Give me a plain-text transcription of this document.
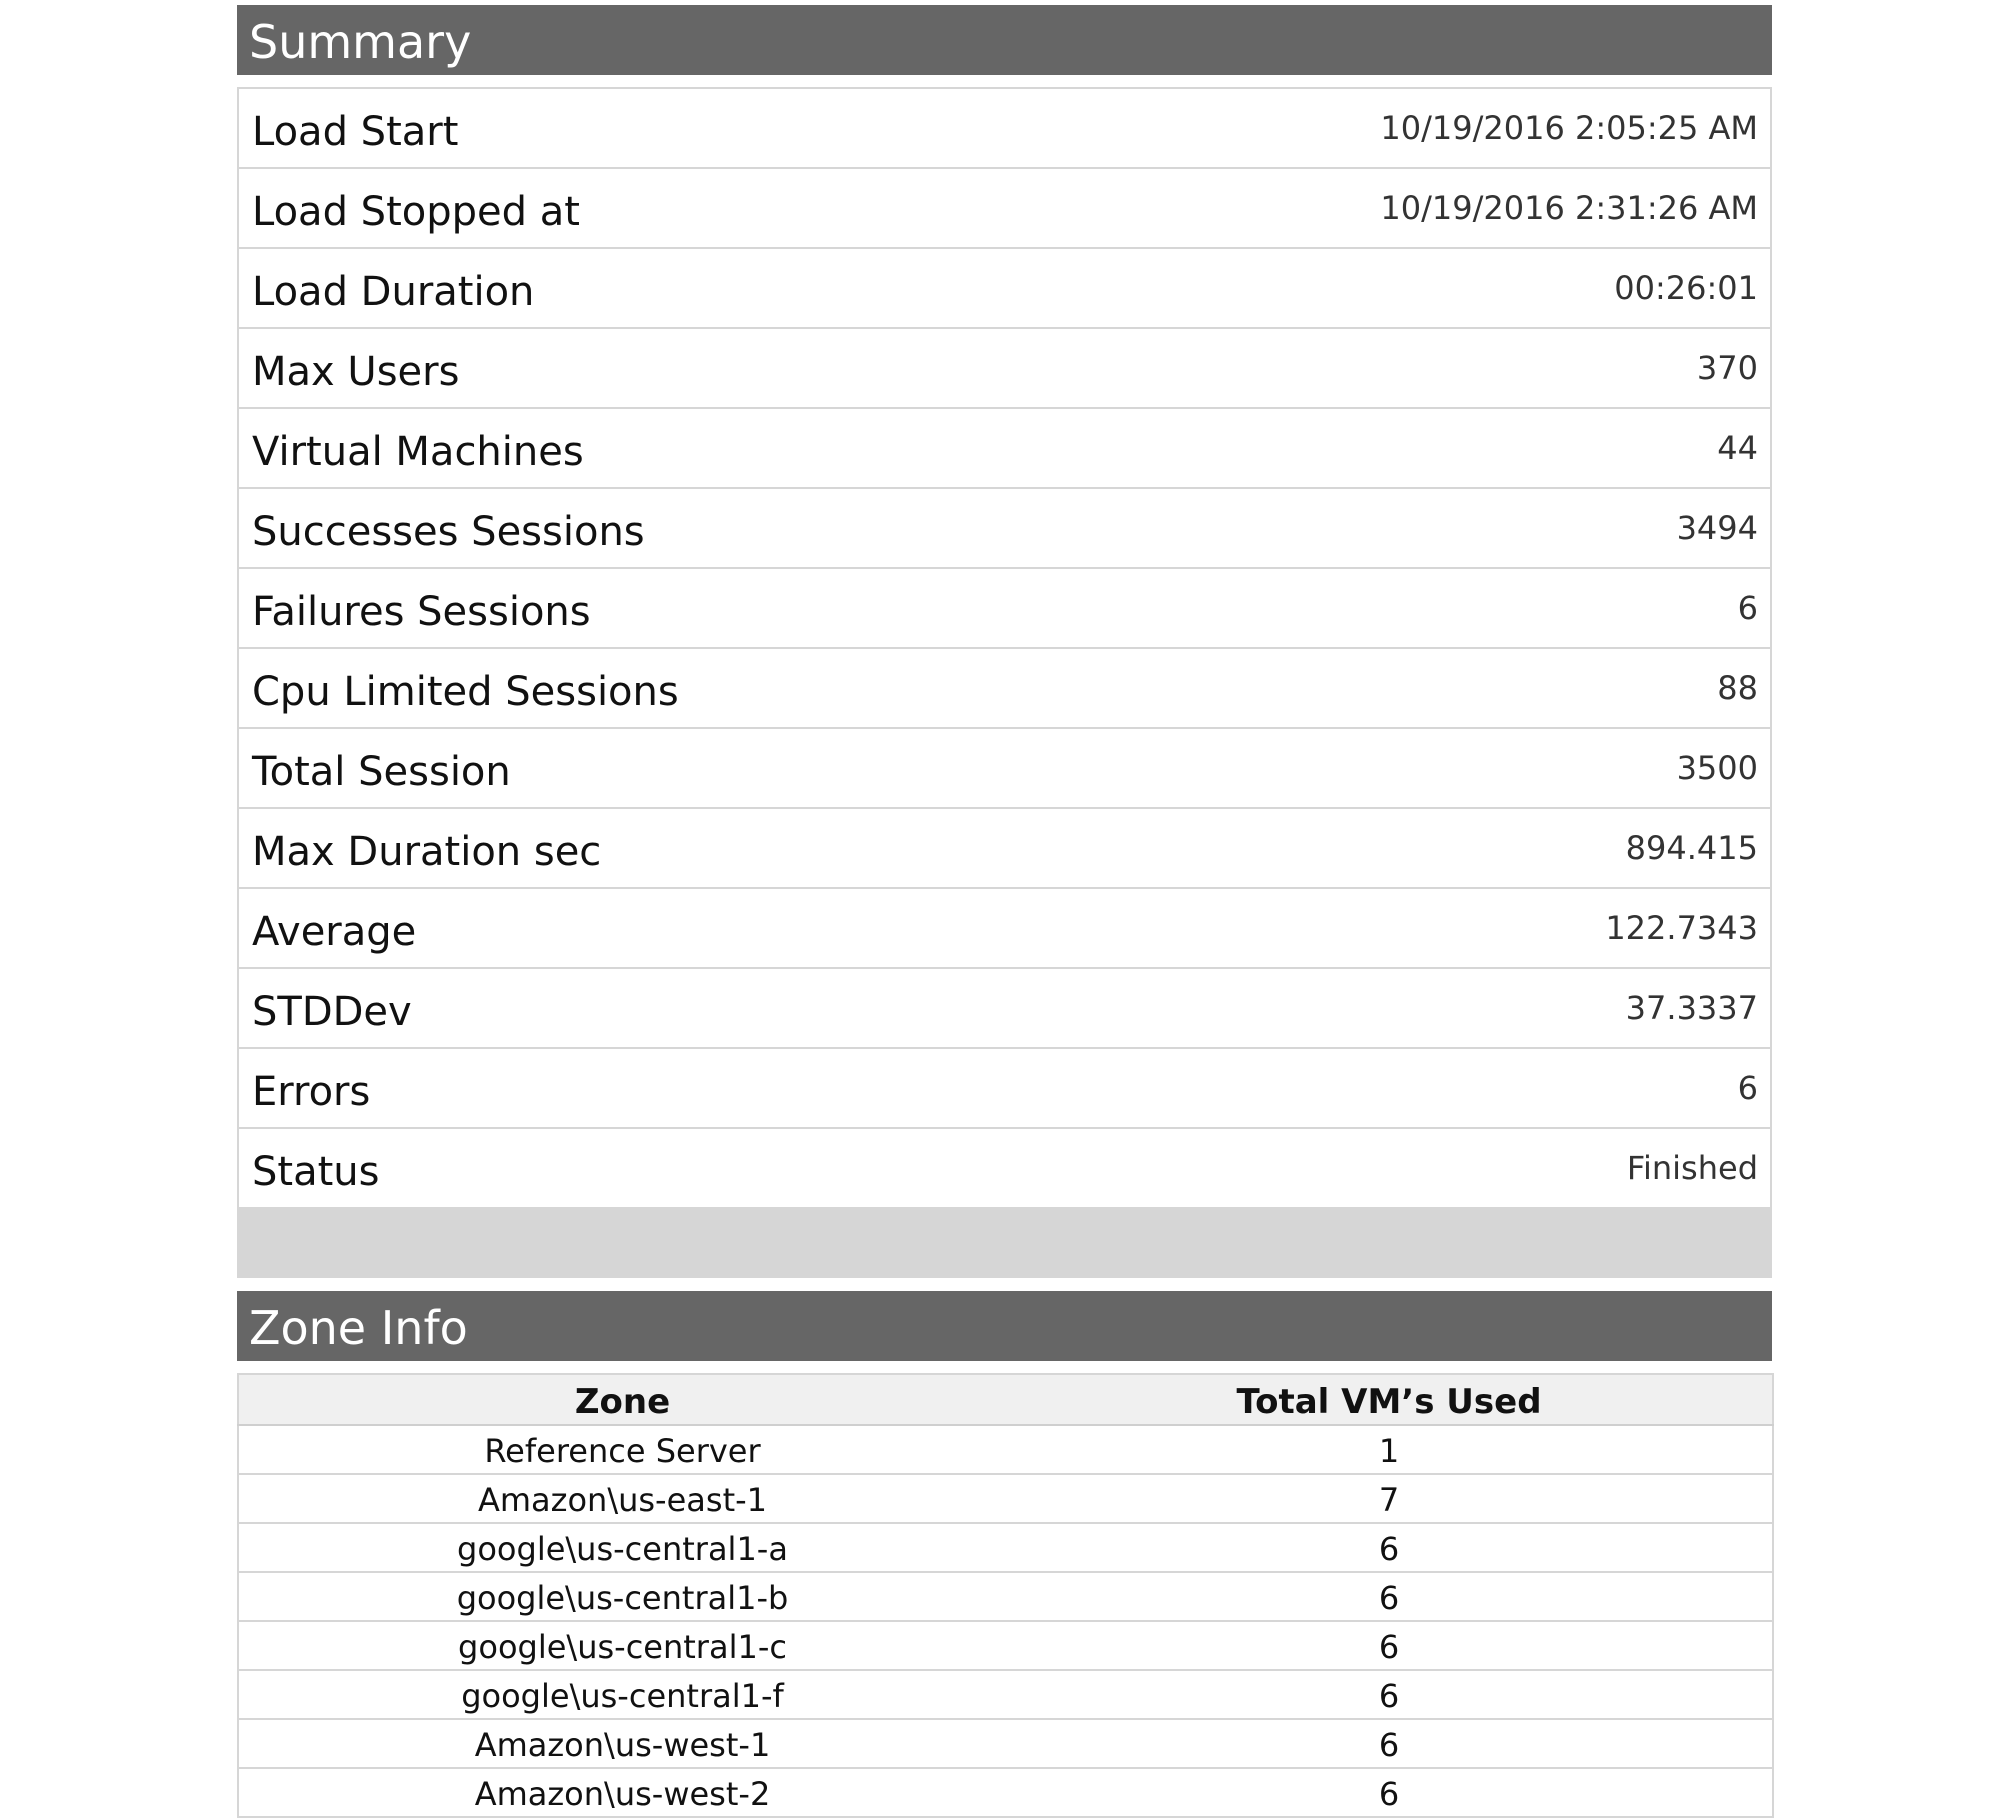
Summary
Load Start	10/19/2016 2:05:25 AM
Load Stopped at	10/19/2016 2:31:26 AM
Load Duration	00:26:01
Max Users	370
Virtual Machines	44
Successes Sessions	3494
Failures Sessions	6
Cpu Limited Sessions	88
Total Session	3500
Max Duration sec	894.415
Average	122.7343
STDDev	37.3337
Errors	6
Status	Finished
Zone Info
Zone	Total VM’s Used
Reference Server	1
Amazon\us-east-1	7
google\us-central1-a	6
google\us-central1-b	6
google\us-central1-c	6
google\us-central1-f	6
Amazon\us-west-1	6
Amazon\us-west-2	6
